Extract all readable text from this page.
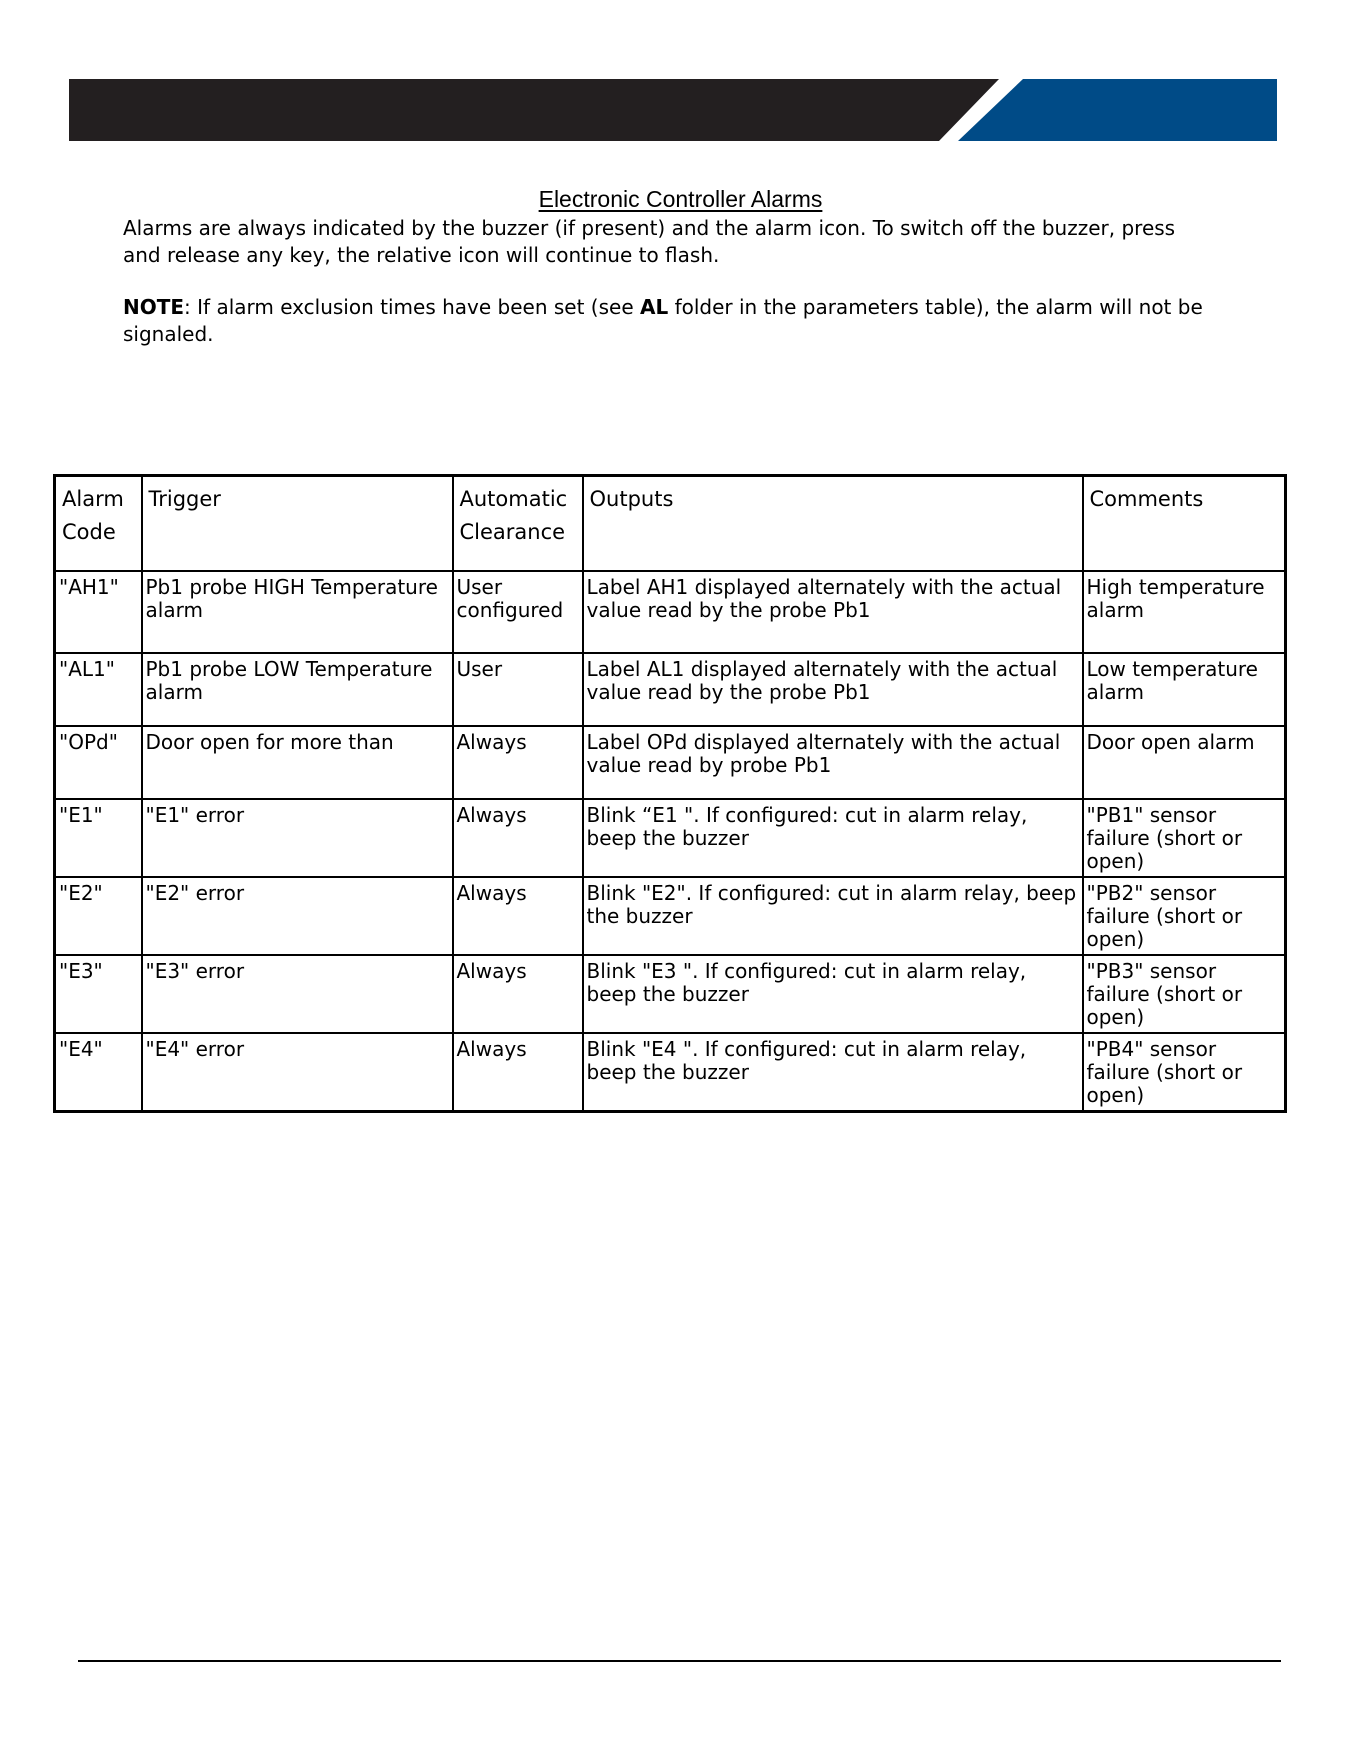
Electronic Controller Alarms
Alarms are always indicated by the buzzer (if present) and the alarm icon. To switch off the buzzer, press and release any key, the relative icon will continue to flash.
NOTE: If alarm exclusion times have been set (see AL folder in the parameters table), the alarm will not be signaled.
Alarm Code	Trigger	Automatic Clearance	Outputs	Comments
"AH1"	Pb1 probe HIGH Temperature alarm	User configured	Label AH1 displayed alternately with the actual value read by the probe Pb1	High temperature alarm
"AL1"	Pb1 probe LOW Temperature alarm	User	Label AL1 displayed alternately with the actual value read by the probe Pb1	Low temperature alarm
"OPd"	Door open for more than	Always	Label OPd displayed alternately with the actual value read by probe Pb1	Door open alarm
"E1"	"E1" error	Always	Blink “E1 ". If configured: cut in alarm relay, beep the buzzer	"PB1" sensor failure (short or open)
"E2"	"E2" error	Always	Blink "E2". If configured: cut in alarm relay, beep the buzzer	"PB2" sensor failure (short or open)
"E3"	"E3" error	Always	Blink "E3 ". If configured: cut in alarm relay, beep the buzzer	"PB3" sensor failure (short or open)
"E4"	"E4" error	Always	Blink "E4 ". If configured: cut in alarm relay, beep the buzzer	"PB4" sensor failure (short or open)
